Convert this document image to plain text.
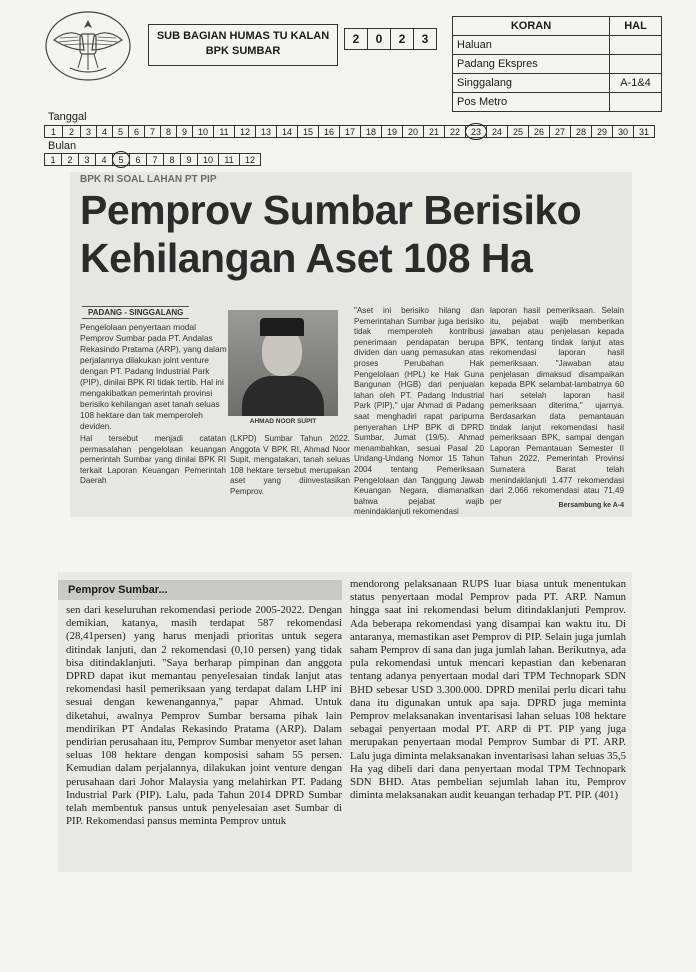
SUB BAGIAN HUMAS TU KALAN
BPK SUMBAR
2	0	2	3
KORAN	HAL
Haluan	
Padang Ekspres	
Singgalang	A-1&4
Pos Metro	
Tanggal
1	2	3	4	5	6	7	8	9	10	11	12	13	14	15	16	17	18	19	20	21	22	23	24	25	26	27	28	29	30	31
Bulan
1	2	3	4	5	6	7	8	9	10	11	12
BPK RI SOAL LAHAN PT PIP
Pemprov Sumbar Berisiko
Kehilangan Aset 108 Ha
PADANG - SINGGALANG
Pengelolaan penyertaan modal Pemprov Sumbar pada PT. Andalas Rekasindo Pratama (ARP), yang dalam perjalannya dilakukan joint venture dengan PT. Padang Industrial Park (PIP), dinilai BPK RI tidak tertib. Hal ini mengakibatkan pemerintah provinsi berisiko kehilangan aset tanah seluas 108 hektare dan tak memperoleh deviden.	AHMAD NOOR SUPIT
Hal tersebut menjadi catatan permasalahan pengelolaan keuangan pemerintah Sumbar yang dinilai BPK RI terkait Laporan Keuangan Pemerintah Daerah
(LKPD) Sumbar Tahun 2022. Anggota V BPK RI, Ahmad Noor Supit, mengatakan, tanah seluas 108 hektare tersebut merupakan aset yang diinvestasikan Pemprov.
"Aset ini berisiko hilang dan Pemerintahan Sumbar juga berisiko tidak memperoleh kontribusi penerimaan pendapatan berupa dividen dan uang pemasukan atas proses Perubahan Hak Pengelolaan (HPL) ke Hak Guna Bangunan (HGB) dari penjualan lahan oleh PT. Padang Industrial Park (PIP)," ujar Ahmad di Padang saat menghadiri rapat paripurna penyerahan LHP BPK di DPRD Sumbar, Jumat (19/5). Ahmad menambahkan, sesuai Pasal 20 Undang-Undang Nomor 15 Tahun 2004 tentang Pemeriksaan Pengelolaan dan Tanggung Jawab Keuangan Negara, diamanatkan bahwa pejabat wajib menindaklanjuti rekomendasi
laporan hasil pemeriksaan. Selain itu, pejabat wajib memberikan jawaban atau penjelasan kepada BPK, tentang tindak lanjut atas rekomendasi laporan hasil pemeriksaan. "Jawaban atau penjelasan dimaksud disampaikan kepada BPK selambat-lambatnya 60 hari setelah laporan hasil pemeriksaan diterima," ujarnya. Berdasarkan data pemantauan tindak lanjut rekomendasi hasil pemeriksaan BPK, sampai dengan Laporan Pemantauan Semester II Tahun 2022, Pemerintah Provinsi Sumatera Barat telah menindaklanjuti 1.477 rekomendasi dari 2.066 rekomendasi atau 71,49 per	Bersambung ke A-4
Pemprov Sumbar...
sen dari keseluruhan rekomendasi periode 2005-2022. Dengan demikian, katanya, masih terdapat 587 rekomendasi (28,41persen) yang harus menjadi prioritas untuk segera ditindak lanjuti, dan 2 rekomendasi (0,10 persen) yang tidak bisa ditindaklanjuti. "Saya berharap pimpinan dan anggota DPRD dapat ikut memantau penyelesaian tindak lanjut atas rekomendasi hasil pemeriksaan yang terdapat dalam LHP ini sesuai dengan kewenangannya," papar Ahmad. Untuk diketahui, awalnya Pemprov Sumbar bersama pihak lain mendirikan PT Andalas Rekasindo Pratama (ARP). Dalam pendirian perusahaan itu, Pemprov Sumbar menyetor aset lahan seluas 108 hektare dengan komposisi saham 55 persen. Kemudian dalam perjalannya, dilakukan joint venture dengan perusahaan dari Johor Malaysia yang melahirkan PT. Padang Industrial Park (PIP). Lalu, pada Tahun 2014 DPRD Sumbar telah membentuk pansus untuk penyelesaian aset Sumbar di PIP. Rekomendasi pansus meminta Pemprov untuk
mendorong pelaksanaan RUPS luar biasa untuk menentukan status penyertaan modal Pemprov pada PT. ARP. Namun hingga saat ini rekomendasi belum ditindaklanjuti Pemprov. Ada beberapa rekomendasi yang disampai kan waktu itu. Di antaranya, memastikan aset Pemprov di PIP. Selain juga jumlah saham Pemprov di sana dan juga jumlah lahan. Berikutnya, ada pula rekomendasi untuk mencari kepastian dan kebenaran tentang adanya penyertaan modal dari TPM Technopark SDN BHD sebesar USD 3.300.000. DPRD menilai perlu dicari tahu dana itu digunakan untuk apa saja. DPRD juga meminta Pemprov melaksanakan inventarisasi lahan seluas 108 hektare sebagai penyertaan modal PT. ARP di PT. PIP yang juga merupakan penyertaan modal Pemprov Sumbar di PT. ARP. Lalu juga diminta melaksanakan inventarisasi lahan seluas 35,5 Ha yag dibeli dari dana penyertaan modal TPM Technopark SDN BHD. Atas pembelian sejumlah lahan itu, Pemprov diminta melaksanakan audit keuangan terhadap PT. PIP. (401)
